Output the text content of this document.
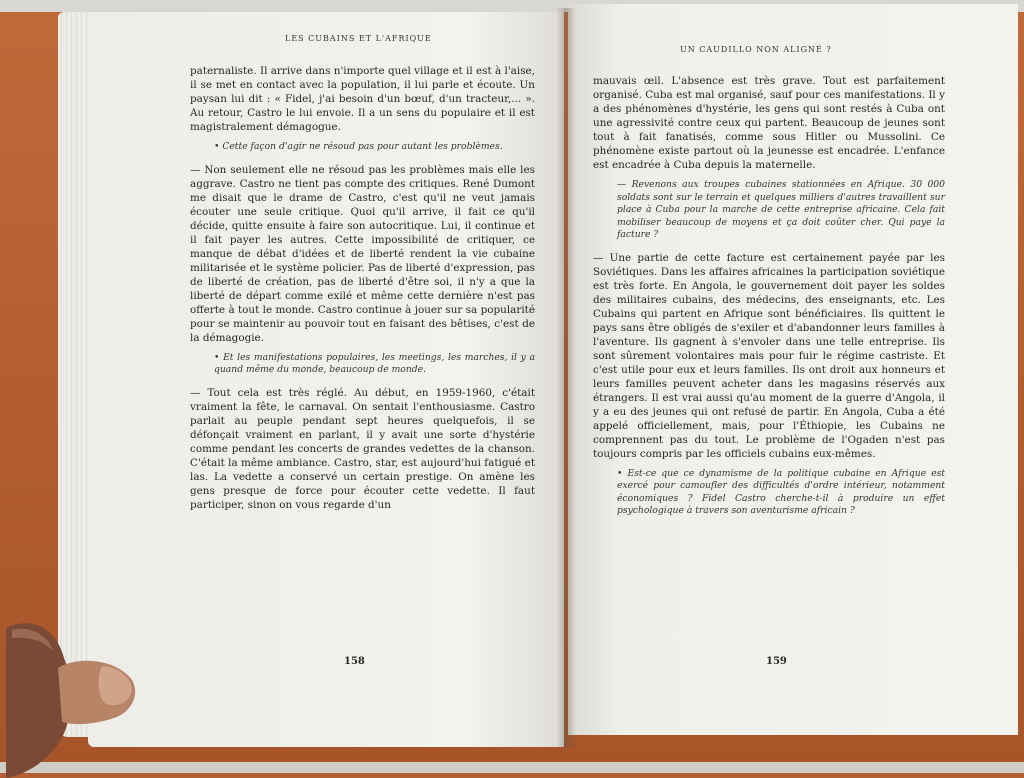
LES CUBAINS ET L'AFRIQUE

paternaliste. Il arrive dans n'importe quel village et il est à l'aise, il se met en contact avec la population, il lui parle et écoute. Un paysan lui dit : « Fidel, j'ai besoin d'un bœuf, d'un tracteur,... ». Au retour, Castro le lui envoie. Il a un sens du populaire et il est magistralement démagogue.

• Cette façon d'agir ne résoud pas pour autant les problèmes.

— Non seulement elle ne résoud pas les problèmes mais elle les aggrave. Castro ne tient pas compte des critiques. René Dumont me disait que le drame de Castro, c'est qu'il ne veut jamais écouter une seule critique. Quoi qu'il arrive, il fait ce qu'il décide, quitte ensuite à faire son autocritique. Lui, il continue et il fait payer les autres. Cette impossibilité de critiquer, ce manque de débat d'idées et de liberté rendent la vie cubaine militarisée et le système policier. Pas de liberté d'expression, pas de liberté de création, pas de liberté d'être soi, il n'y a que la liberté de départ comme exilé et même cette dernière n'est pas offerte à tout le monde. Castro continue à jouer sur sa popularité pour se maintenir au pouvoir tout en faisant des bêtises, c'est de la démagogie.

• Et les manifestations populaires, les meetings, les marches, il y a quand même du monde, beaucoup de monde.

— Tout cela est très réglé. Au début, en 1959-1960, c'était vraiment la fête, le carnaval. On sentait l'enthousiasme. Castro parlait au peuple pendant sept heures quelquefois, il se défonçait vraiment en parlant, il y avait une sorte d'hystérie comme pendant les concerts de grandes vedettes de la chanson. C'était la même ambiance. Castro, star, est aujourd'hui fatigué et las. La vedette a conservé un certain prestige. On amène les gens presque de force pour écouter cette vedette. Il faut participer, sinon on vous regarde d'un

158
UN CAUDILLO NON ALIGNÉ ?

mauvais œil. L'absence est très grave. Tout est parfaitement organisé. Cuba est mal organisé, sauf pour ces manifestations. Il y a des phénomènes d'hystérie, les gens qui sont restés à Cuba ont une agressivité contre ceux qui partent. Beaucoup de jeunes sont tout à fait fanatisés, comme sous Hitler ou Mussolini. Ce phénomène existe partout où la jeunesse est encadrée. L'enfance est encadrée à Cuba depuis la maternelle.

— Revenons aux troupes cubaines stationnées en Afrique. 30 000 soldats sont sur le terrain et quelques milliers d'autres travaillent sur place à Cuba pour la marche de cette entreprise africaine. Cela fait mobiliser beaucoup de moyens et ça doit coûter cher. Qui paye la facture ?

— Une partie de cette facture est certainement payée par les Soviétiques. Dans les affaires africaines la participation soviétique est très forte. En Angola, le gouvernement doit payer les soldes des militaires cubains, des médecins, des enseignants, etc. Les Cubains qui partent en Afrique sont bénéficiaires. Ils quittent le pays sans être obligés de s'exiler et d'abandonner leurs familles à l'aventure. Ils gagnent à s'envoler dans une telle entreprise. Ils sont sûrement volontaires mais pour fuir le régime castriste. Et c'est utile pour eux et leurs familles. Ils ont droit aux honneurs et leurs familles peuvent acheter dans les magasins réservés aux étrangers. Il est vrai aussi qu'au moment de la guerre d'Angola, il y a eu des jeunes qui ont refusé de partir. En Angola, Cuba a été appelé officiellement, mais, pour l'Éthiopie, les Cubains ne comprennent pas du tout. Le problème de l'Ogaden n'est pas toujours compris par les officiels cubains eux-mêmes.

• Est-ce que ce dynamisme de la politique cubaine en Afrique est exercé pour camoufler des difficultés d'ordre intérieur, notamment économiques ? Fidel Castro cherche-t-il à produire un effet psychologique à travers son aventurisme africain ?

159
